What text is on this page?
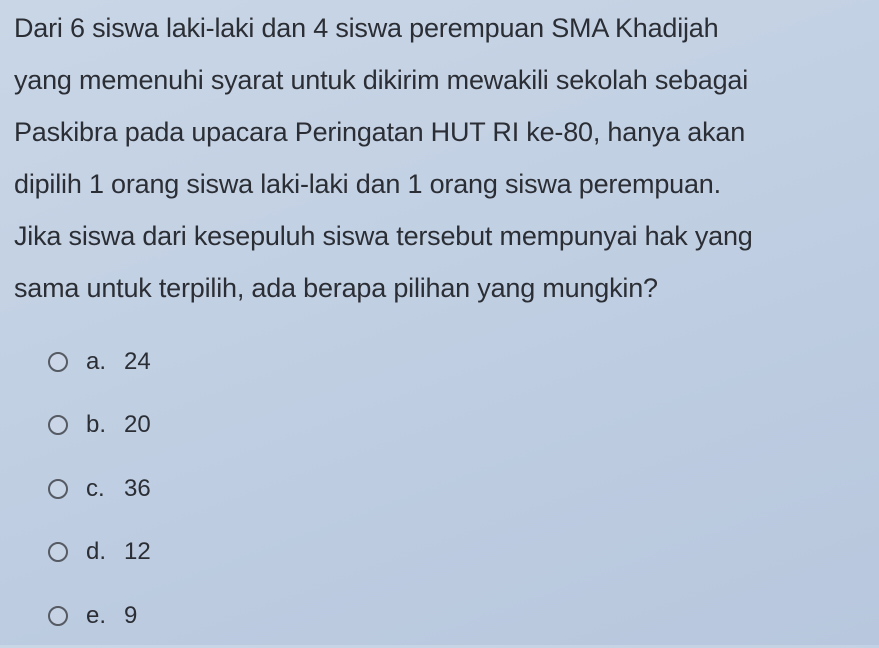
Dari 6 siswa laki-laki dan 4 siswa perempuan SMA Khadijah
yang memenuhi syarat untuk dikirim mewakili sekolah sebagai
Paskibra pada upacara Peringatan HUT RI ke-80, hanya akan
dipilih 1 orang siswa laki-laki dan 1 orang siswa perempuan.
Jika siswa dari kesepuluh siswa tersebut mempunyai hak yang
sama untuk terpilih, ada berapa pilihan yang mungkin?
a. 24
b. 20
c. 36
d. 12
e. 9
